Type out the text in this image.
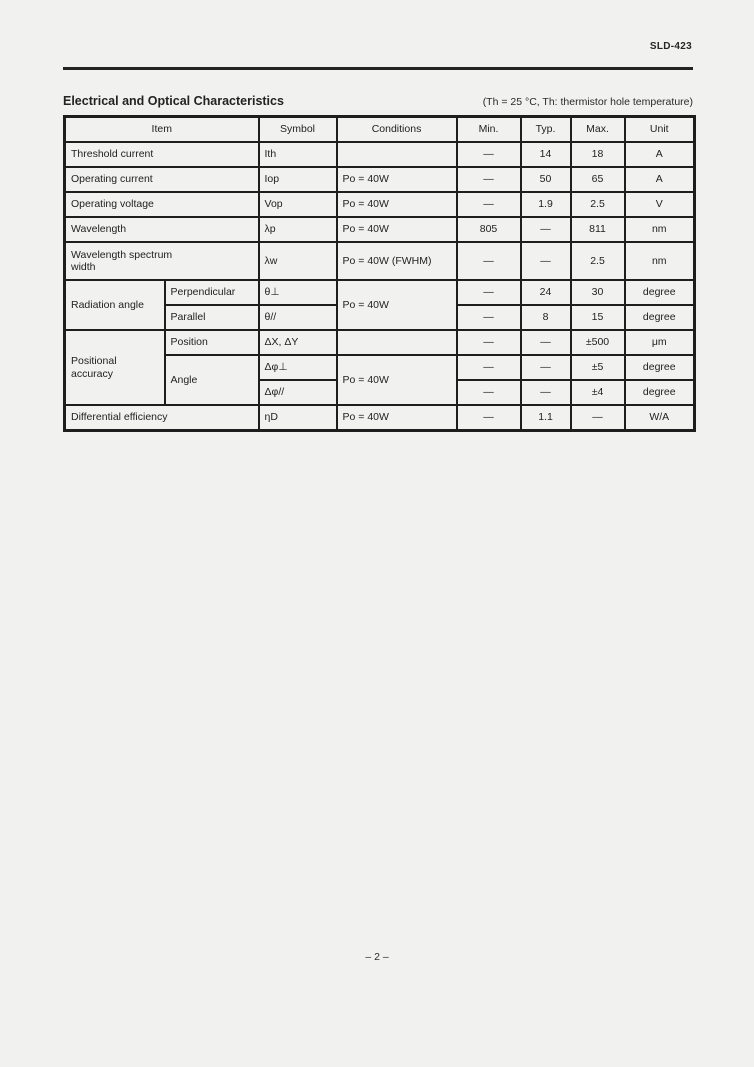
SLD-423
Electrical and Optical Characteristics	(Th = 25 °C, Th: thermistor hole temperature)
Item		Symbol	Conditions	Min.	Typ.	Max.	Unit
Threshold current		Ith		—	14	18	A
Operating current		Iop	Po = 40W	—	50	65	A
Operating voltage		Vop	Po = 40W	—	1.9	2.5	V
Wavelength		λp	Po = 40W	805	—	811	nm

Wavelength spectrum width		λw	Po = 40W (FWHM)	—	—	2.5	nm

Radiation angle	Perpendicular	θ⊥	Po = 40W	—	24	30	degree
	Parallel	θ//		—	8	15	degree

Positional accuracy	Position	ΔX, ΔY		—	—	±500	μm
	Angle	Δφ⊥	Po = 40W	—	—	±5	degree
		Δφ//		—	—	±4	degree
Differential efficiency		ηD	Po = 40W	—	1.1	—	W/A
– 2 –
